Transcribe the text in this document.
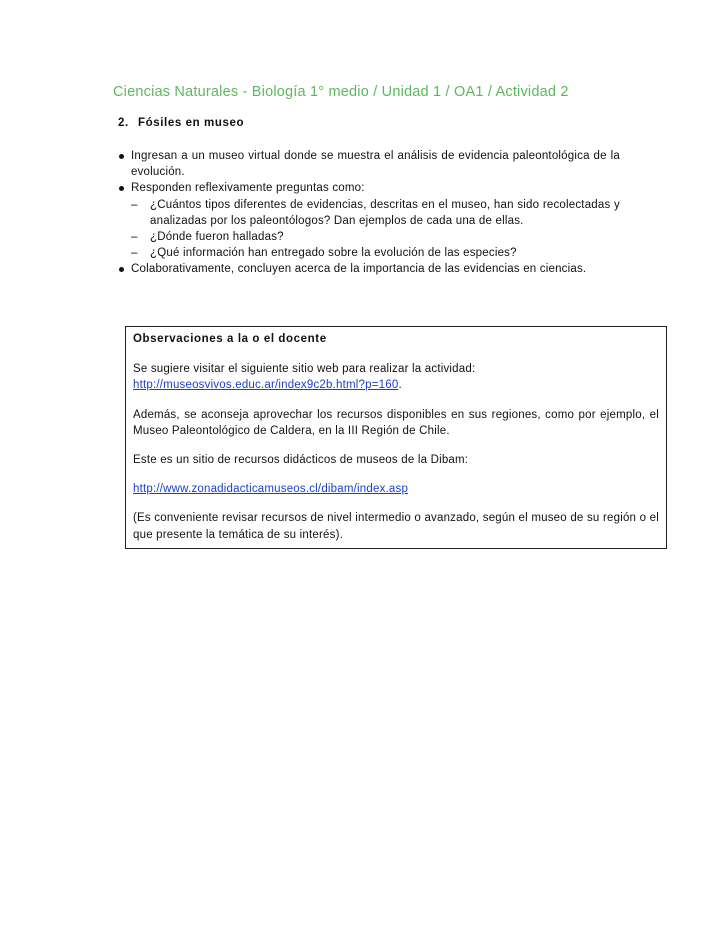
Ciencias Naturales - Biología 1° medio / Unidad 1 / OA1 / Actividad 2
2. Fósiles en museo
Ingresan a un museo virtual donde se muestra el análisis de evidencia paleontológica de la evolución.
Responden reflexivamente preguntas como:
– ¿Cuántos tipos diferentes de evidencias, descritas en el museo, han sido recolectadas y analizadas por los paleontólogos? Dan ejemplos de cada una de ellas.
– ¿Dónde fueron halladas?
– ¿Qué información han entregado sobre la evolución de las especies?
Colaborativamente, concluyen acerca de la importancia de las evidencias en ciencias.
Observaciones a la o el docente

Se sugiere visitar el siguiente sitio web para realizar la actividad:
http://museosvivos.educ.ar/index9c2b.html?p=160.

Además, se aconseja aprovechar los recursos disponibles en sus regiones, como por ejemplo, el Museo Paleontológico de Caldera, en la III Región de Chile.

Este es un sitio de recursos didácticos de museos de la Dibam:

http://www.zonadidacticamuseos.cl/dibam/index.asp

(Es conveniente revisar recursos de nivel intermedio o avanzado, según el museo de su región o el que presente la temática de su interés).
